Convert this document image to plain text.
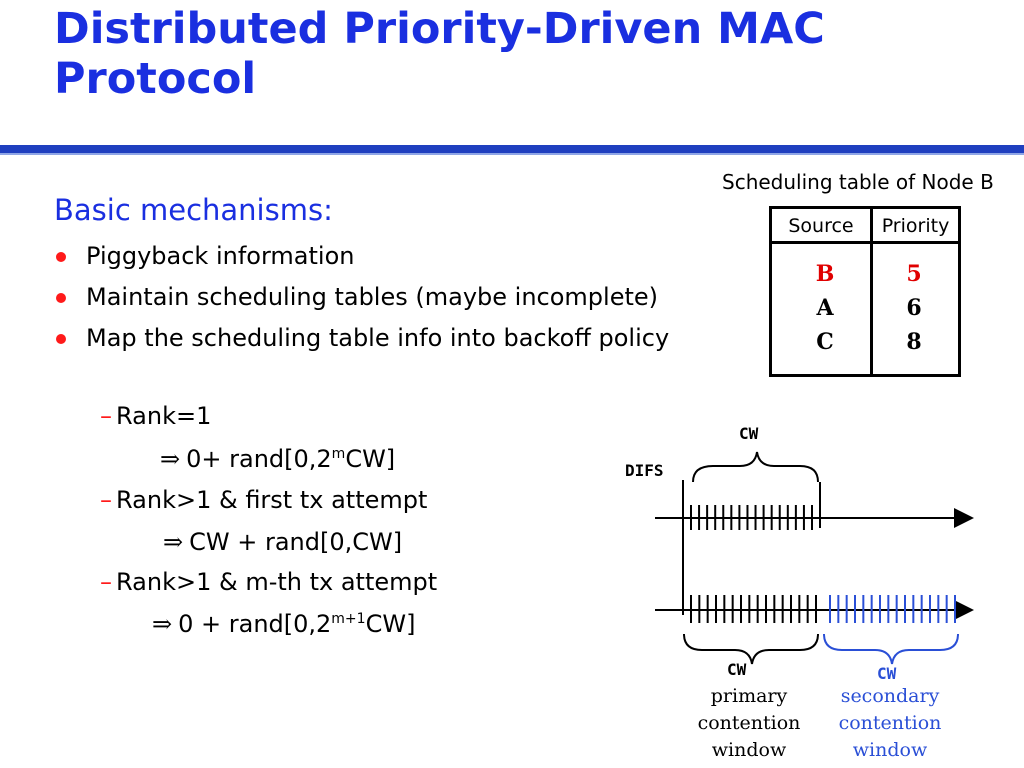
Distributed Priority-Driven MAC
Protocol
Basic mechanisms:
Piggyback information
Maintain scheduling tables (maybe incomplete)
Map the scheduling table info into backoff policy
– Rank=1
⇒ $0+ rand[0,2^mCW]$
– Rank>1 & first tx attempt
⇒ CW + rand[0,CW]
– Rank>1 & m-th tx attempt
⇒ $0 + rand[0,2^{m+1}CW]$
Scheduling table of Node B
Source	Priority
B	5
A	6
C	8
DIFS
CW
CW	CW
primary
contention
window
secondary
contention
window
